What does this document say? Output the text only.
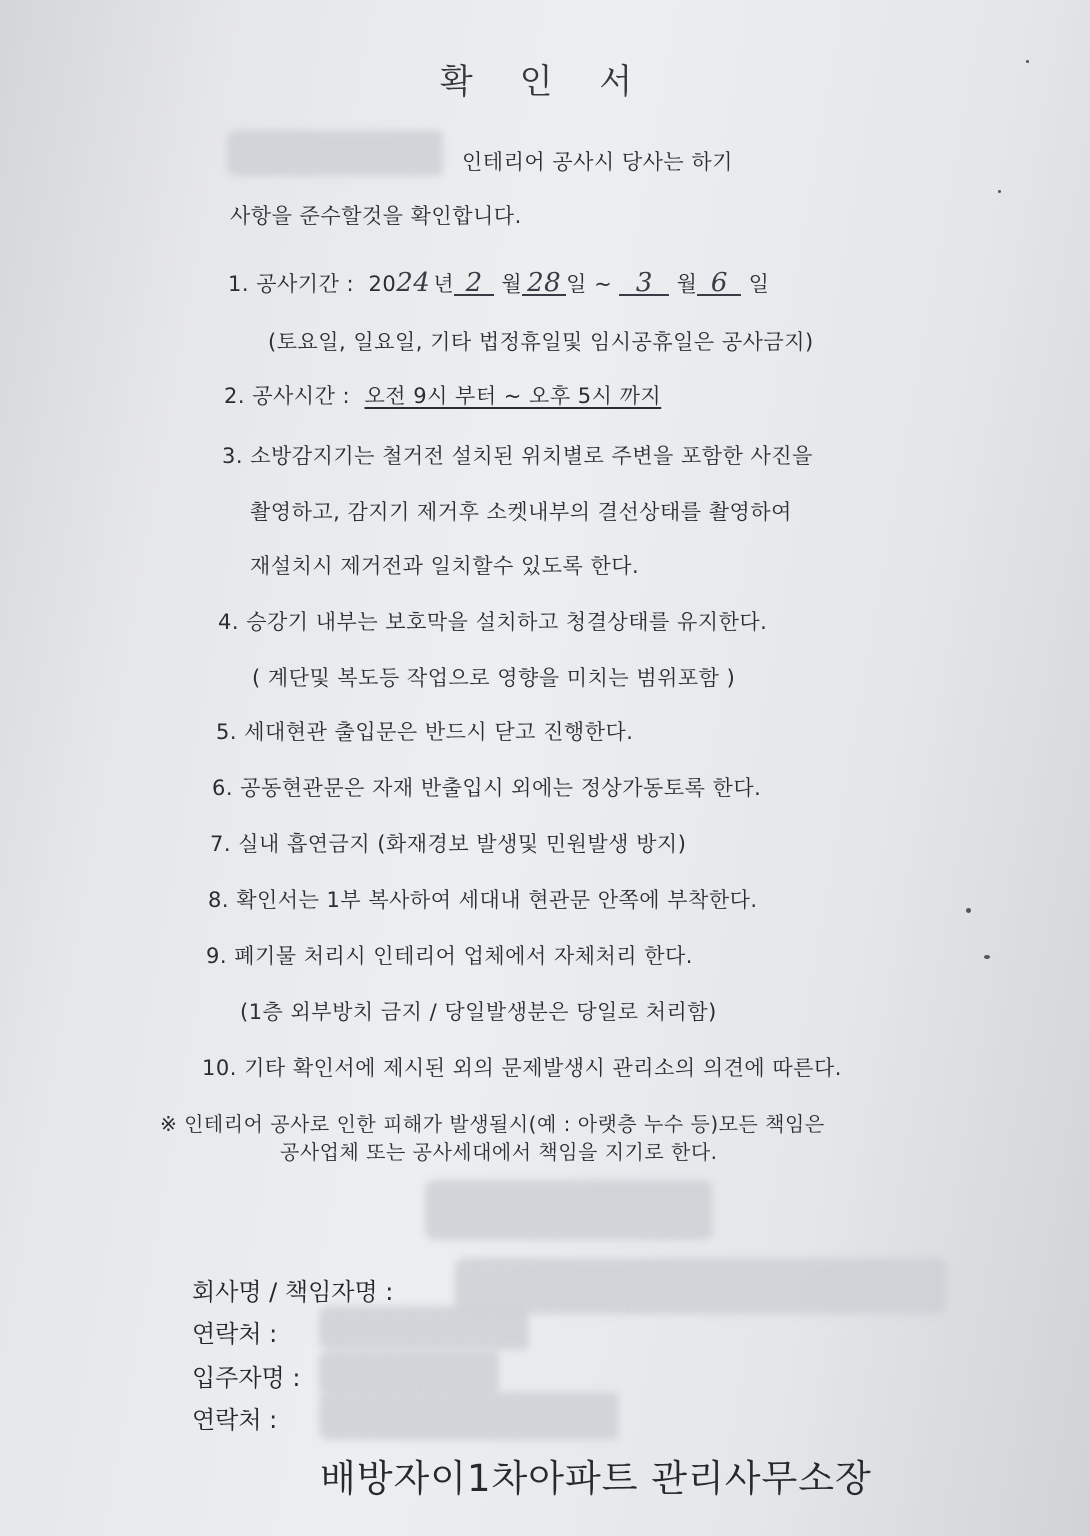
확 인 서
인테리어 공사시 당사는 하기
사항을 준수할것을 확인합니다.
1. 공사기간 : 2024 년 2 월 28 일 ~ 3 월 6 일
(토요일, 일요일, 기타 법정휴일및 임시공휴일은 공사금지)
2. 공사시간 : 오전 9시 부터 ~ 오후 5시 까지
3. 소방감지기는 철거전 설치된 위치별로 주변을 포함한 사진을
촬영하고, 감지기 제거후 소켓내부의 결선상태를 촬영하여
재설치시 제거전과 일치할수 있도록 한다.
4. 승강기 내부는 보호막을 설치하고 청결상태를 유지한다.
( 계단및 복도등 작업으로 영향을 미치는 범위포함 )
5. 세대현관 출입문은 반드시 닫고 진행한다.
6. 공동현관문은 자재 반출입시 외에는 정상가동토록 한다.
7. 실내 흡연금지 (화재경보 발생및 민원발생 방지)
8. 확인서는 1부 복사하여 세대내 현관문 안쪽에 부착한다.
9. 폐기물 처리시 인테리어 업체에서 자체처리 한다.
(1층 외부방치 금지 / 당일발생분은 당일로 처리함)
10. 기타 확인서에 제시된 외의 문제발생시 관리소의 의견에 따른다.
※ 인테리어 공사로 인한 피해가 발생될시(예 : 아랫층 누수 등)모든 책임은
공사업체 또는 공사세대에서 책임을 지기로 한다.
회사명 / 책임자명 :
연락처 :
입주자명 :
연락처 :
배방자이1차아파트 관리사무소장
